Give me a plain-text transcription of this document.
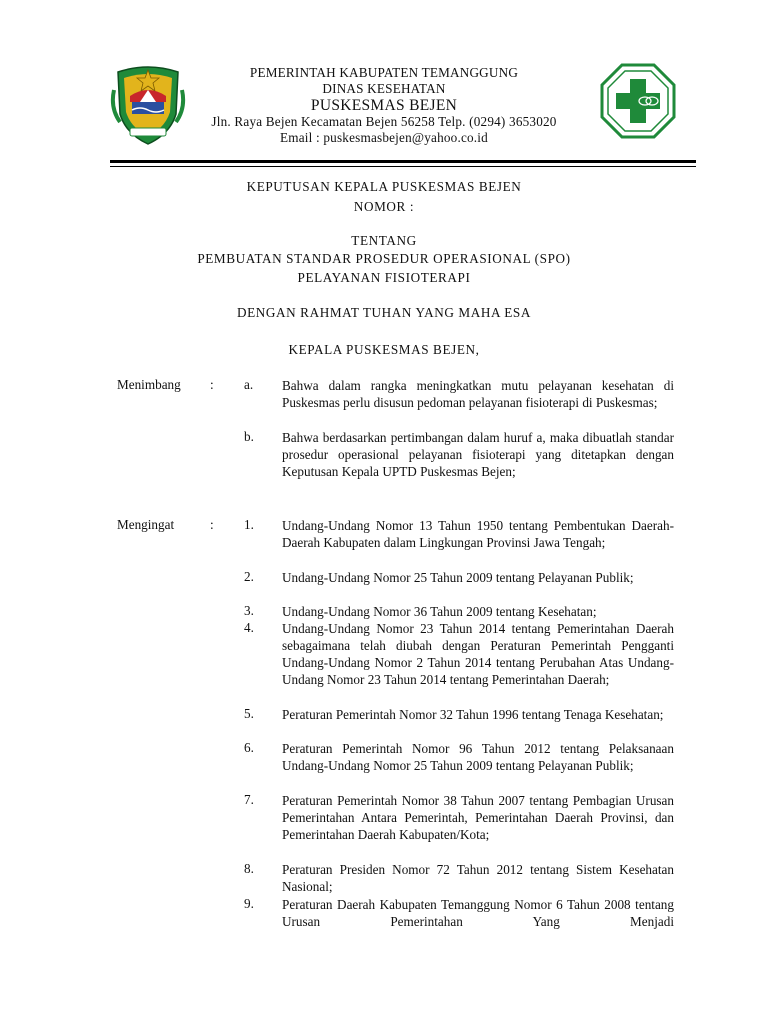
PEMERINTAH KABUPATEN TEMANGGUNG
DINAS KESEHATAN
PUSKESMAS BEJEN
Jln. Raya Bejen Kecamatan Bejen 56258 Telp. (0294) 3653020
Email : puskesmasbejen@yahoo.co.id
KEPUTUSAN KEPALA PUSKESMAS BEJEN
NOMOR :
TENTANG
PEMBUATAN STANDAR PROSEDUR OPERASIONAL (SPO)
PELAYANAN FISIOTERAPI
DENGAN RAHMAT TUHAN YANG MAHA ESA
KEPALA PUSKESMAS BEJEN,
Menimbang : a. Bahwa dalam rangka meningkatkan mutu pelayanan kesehatan di Puskesmas perlu disusun pedoman pelayanan fisioterapi di Puskesmas;
b. Bahwa berdasarkan pertimbangan dalam huruf a, maka dibuatlah standar prosedur operasional pelayanan fisioterapi yang ditetapkan dengan Keputusan Kepala UPTD Puskesmas Bejen;
Mengingat	: 1. Undang-Undang Nomor 13 Tahun 1950 tentang Pembentukan Daerah-Daerah Kabupaten dalam Lingkungan Provinsi Jawa Tengah;
2. Undang-Undang Nomor 25 Tahun 2009 tentang Pelayanan Publik;
3. Undang-Undang Nomor 36 Tahun 2009 tentang Kesehatan;
4. Undang-Undang Nomor 23 Tahun 2014 tentang Pemerintahan Daerah sebagaimana telah diubah dengan Peraturan Pemerintah Pengganti Undang-Undang Nomor 2 Tahun 2014 tentang Perubahan Atas Undang-Undang Nomor 23 Tahun 2014 tentang Pemerintahan Daerah;
5. Peraturan Pemerintah Nomor 32 Tahun 1996 tentang Tenaga Kesehatan;
6. Peraturan Pemerintah Nomor 96 Tahun 2012 tentang Pelaksanaan Undang-Undang Nomor 25 Tahun 2009 tentang Pelayanan Publik;
7. Peraturan Pemerintah Nomor 38 Tahun 2007 tentang Pembagian Urusan Pemerintahan Antara Pemerintah, Pemerintahan Daerah Provinsi, dan Pemerintahan Daerah Kabupaten/Kota;
8. Peraturan Presiden Nomor 72 Tahun 2012 tentang Sistem Kesehatan Nasional;
9. Peraturan Daerah Kabupaten Temanggung Nomor 6 Tahun 2008 tentang Urusan Pemerintahan Yang Menjadi
